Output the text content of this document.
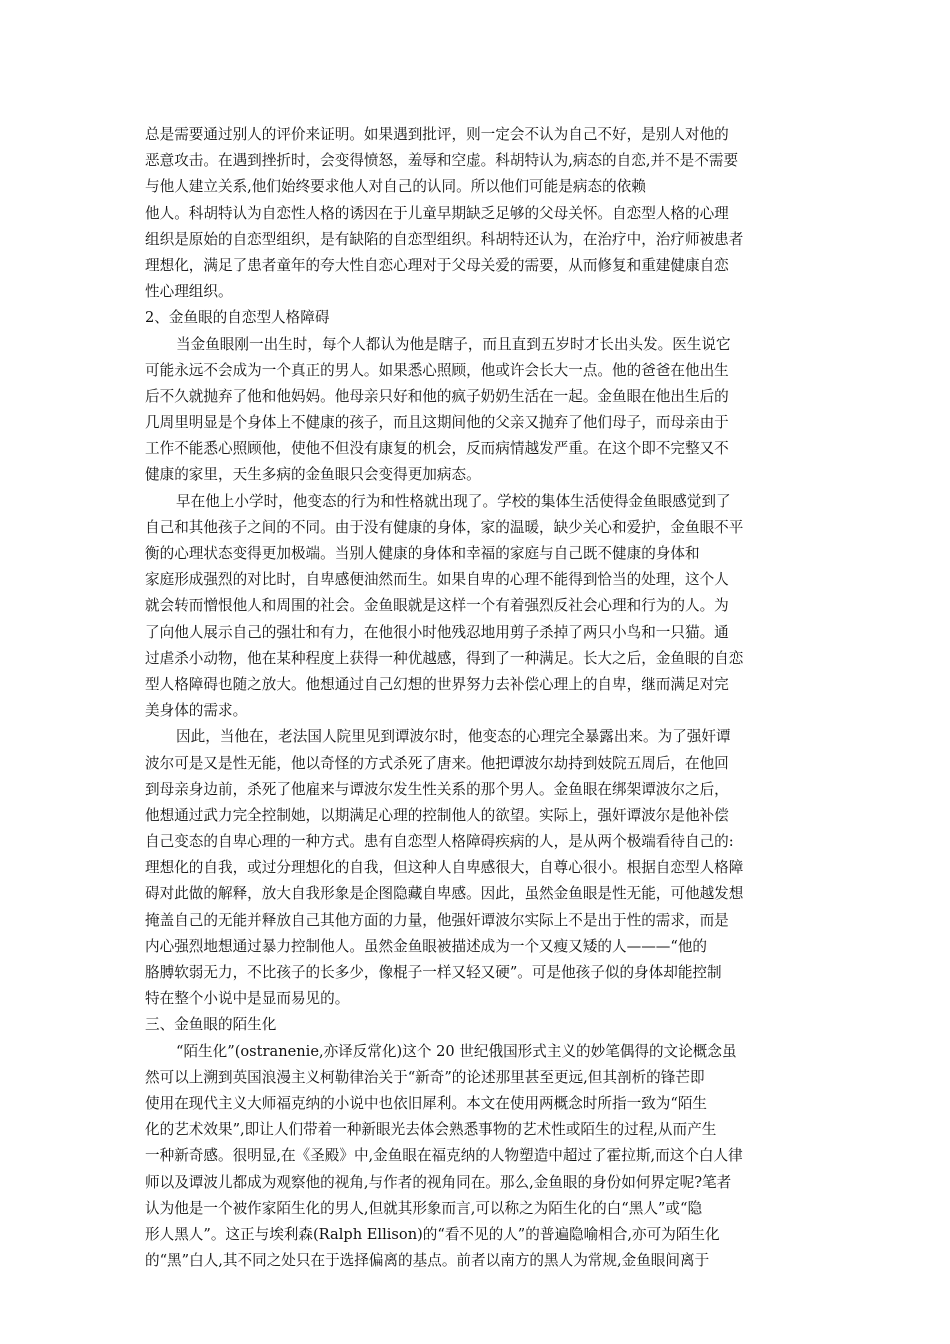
总是需要通过别人的评价来证明。如果遇到批评，则一定会不认为自己不好，是别人对他的
恶意攻击。在遇到挫折时，会变得愤怒，羞辱和空虚。科胡特认为,病态的自恋,并不是不需要
与他人建立关系,他们始终要求他人对自己的认同。所以他们可能是病态的依赖
他人。科胡特认为自恋性人格的诱因在于儿童早期缺乏足够的父母关怀。自恋型人格的心理
组织是原始的自恋型组织，是有缺陷的自恋型组织。科胡特还认为，在治疗中，治疗师被患者
理想化，满足了患者童年的夸大性自恋心理对于父母关爱的需要，从而修复和重建健康自恋
性心理组织。
2、金鱼眼的自恋型人格障碍
当金鱼眼刚一出生时，每个人都认为他是瞎子，而且直到五岁时才长出头发。医生说它
可能永远不会成为一个真正的男人。如果悉心照顾，他或许会长大一点。他的爸爸在他出生
后不久就抛弃了他和他妈妈。他母亲只好和他的疯子奶奶生活在一起。金鱼眼在他出生后的
几周里明显是个身体上不健康的孩子，而且这期间他的父亲又抛弃了他们母子，而母亲由于
工作不能悉心照顾他，使他不但没有康复的机会，反而病情越发严重。在这个即不完整又不
健康的家里，天生多病的金鱼眼只会变得更加病态。
早在他上小学时，他变态的行为和性格就出现了。学校的集体生活使得金鱼眼感觉到了
自己和其他孩子之间的不同。由于没有健康的身体，家的温暖，缺少关心和爱护，金鱼眼不平
衡的心理状态变得更加极端。当别人健康的身体和幸福的家庭与自己既不健康的身体和
家庭形成强烈的对比时，自卑感便油然而生。如果自卑的心理不能得到恰当的处理，这个人
就会转而憎恨他人和周围的社会。金鱼眼就是这样一个有着强烈反社会心理和行为的人。为
了向他人展示自己的强壮和有力，在他很小时他残忍地用剪子杀掉了两只小鸟和一只猫。通
过虐杀小动物，他在某种程度上获得一种优越感，得到了一种满足。长大之后，金鱼眼的自恋
型人格障碍也随之放大。他想通过自己幻想的世界努力去补偿心理上的自卑，继而满足对完
美身体的需求。
因此，当他在，老法国人院里见到谭波尔时，他变态的心理完全暴露出来。为了强奸谭
波尔可是又是性无能，他以奇怪的方式杀死了唐来。他把谭波尔劫持到妓院五周后，在他回
到母亲身边前，杀死了他雇来与谭波尔发生性关系的那个男人。金鱼眼在绑架谭波尔之后，
他想通过武力完全控制她，以期满足心理的控制他人的欲望。实际上，强奸谭波尔是他补偿
自己变态的自卑心理的一种方式。患有自恋型人格障碍疾病的人，是从两个极端看待自己的:
理想化的自我，或过分理想化的自我，但这种人自卑感很大，自尊心很小。根据自恋型人格障
碍对此做的解释，放大自我形象是企图隐藏自卑感。因此，虽然金鱼眼是性无能，可他越发想
掩盖自己的无能并释放自己其他方面的力量，他强奸谭波尔实际上不是出于性的需求，而是
内心强烈地想通过暴力控制他人。虽然金鱼眼被描述成为一个又瘦又矮的人———“他的
胳膊软弱无力，不比孩子的长多少，像棍子一样又轻又硬”。可是他孩子似的身体却能控制
特在整个小说中是显而易见的。
三、金鱼眼的陌生化
“陌生化”(ostranenie,亦译反常化)这个 20 世纪俄国形式主义的妙笔偶得的文论概念虽
然可以上溯到英国浪漫主义柯勒律治关于“新奇”的论述那里甚至更远,但其剖析的锋芒即
使用在现代主义大师福克纳的小说中也依旧犀利。本文在使用两概念时所指一致为“陌生
化的艺术效果”,即让人们带着一种新眼光去体会熟悉事物的艺术性或陌生的过程,从而产生
一种新奇感。很明显,在《圣殿》中,金鱼眼在福克纳的人物塑造中超过了霍拉斯,而这个白人律
师以及谭波儿都成为观察他的视角,与作者的视角同在。那么,金鱼眼的身份如何界定呢?笔者
认为他是一个被作家陌生化的男人,但就其形象而言,可以称之为陌生化的白“黑人”或“隐
形人黑人”。这正与埃利森(Ralph Ellison)的“看不见的人”的普遍隐喻相合,亦可为陌生化
的“黑”白人,其不同之处只在于选择偏离的基点。前者以南方的黑人为常规,金鱼眼间离于
